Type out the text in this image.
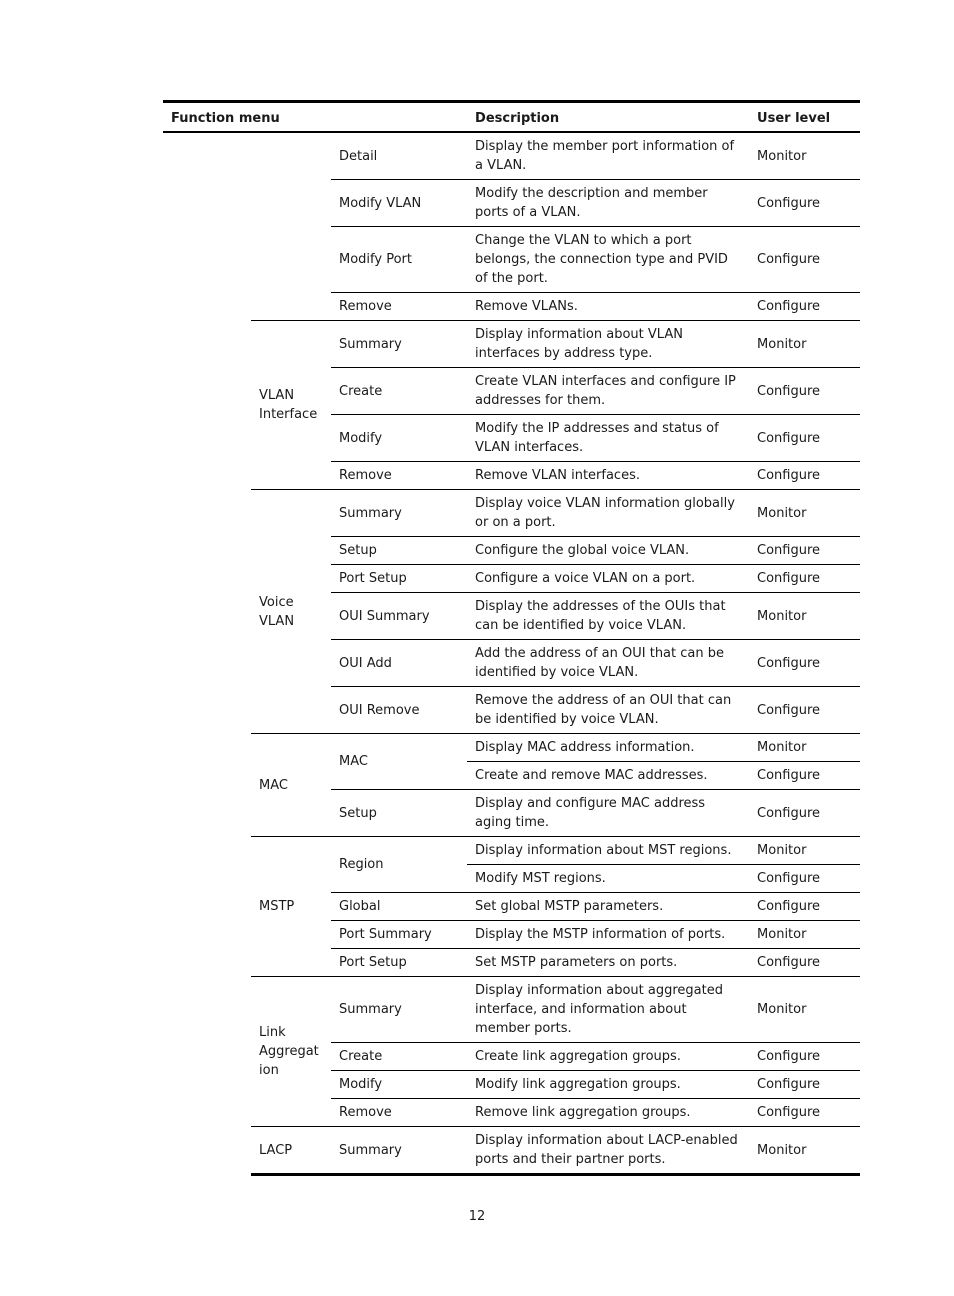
Function menu			Description	User level
		Detail	Display the member port information of a VLAN.	Monitor
		Modify VLAN	Modify the description and member ports of a VLAN.	Configure
		Modify Port	Change the VLAN to which a port belongs, the connection type and PVID of the port.	Configure
		Remove	Remove VLANs.	Configure
	VLAN Interface	Summary	Display information about VLAN interfaces by address type.	Monitor
		Create	Create VLAN interfaces and configure IP addresses for them.	Configure
		Modify	Modify the IP addresses and status of VLAN interfaces.	Configure
		Remove	Remove VLAN interfaces.	Configure
	Voice VLAN	Summary	Display voice VLAN information globally or on a port.	Monitor
		Setup	Configure the global voice VLAN.	Configure
		Port Setup	Configure a voice VLAN on a port.	Configure
		OUI Summary	Display the addresses of the OUIs that can be identified by voice VLAN.	Monitor
		OUI Add	Add the address of an OUI that can be identified by voice VLAN.	Configure
		OUI Remove	Remove the address of an OUI that can be identified by voice VLAN.	Configure
	MAC	MAC	Display MAC address information.	Monitor
			Create and remove MAC addresses.	Configure
		Setup	Display and configure MAC address aging time.	Configure
	MSTP	Region	Display information about MST regions.	Monitor
			Modify MST regions.	Configure
		Global	Set global MSTP parameters.	Configure
		Port Summary	Display the MSTP information of ports.	Monitor
		Port Setup	Set MSTP parameters on ports.	Configure
	Link Aggregat ion	Summary	Display information about aggregated interface, and information about member ports.	Monitor
		Create	Create link aggregation groups.	Configure
		Modify	Modify link aggregation groups.	Configure
		Remove	Remove link aggregation groups.	Configure
	LACP	Summary	Display information about LACP-enabled ports and their partner ports.	Monitor
12
